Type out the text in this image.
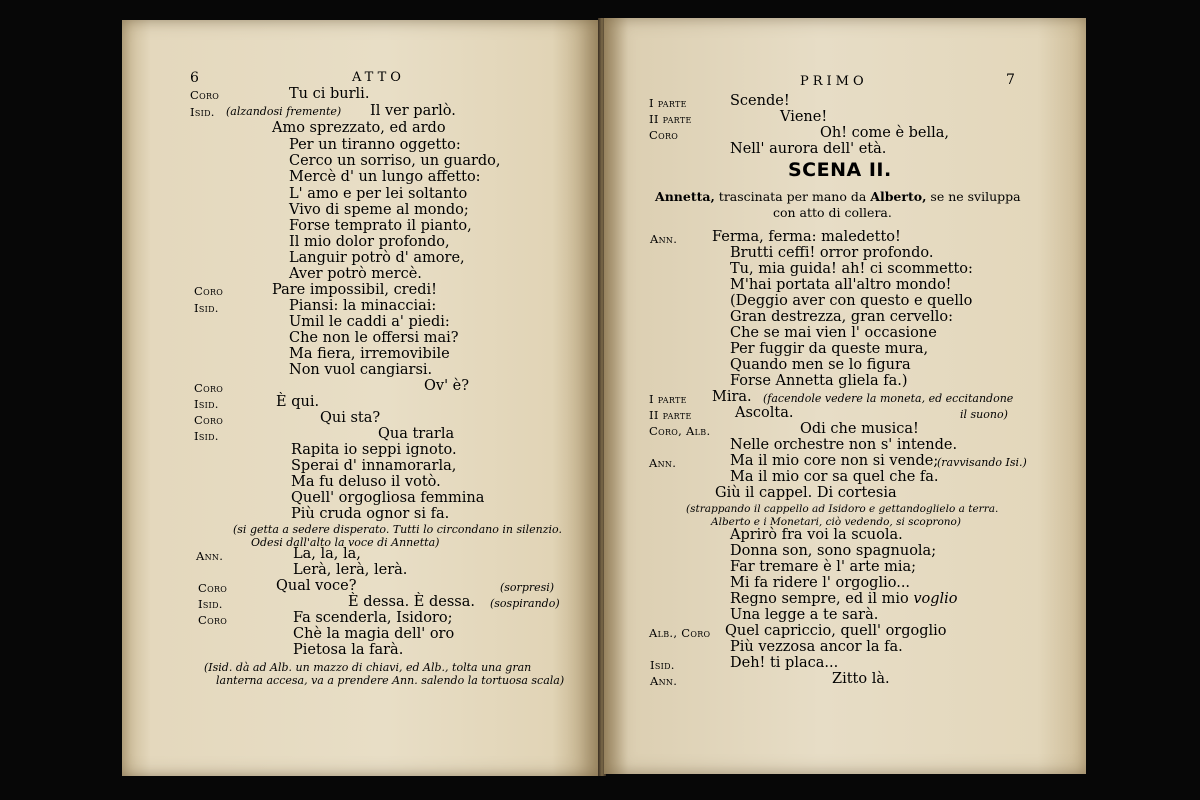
6	ATTO
Coro	Tu ci burli.
Isid. (alzandosi fremente) Il ver parlò.
Amo sprezzato, ed ardo
Per un tiranno oggetto:
Cerco un sorriso, un guardo,
Mercè d' un lungo affetto:
L' amo e per lei soltanto
Vivo di speme al mondo;
Forse temprato il pianto,
Il mio dolor profondo,
Languir potrò d' amore,
Aver potrò mercè.
Coro	Pare impossibil, credi!
Isid.	Piansi: la minacciai:
Umil le caddi a' piedi:
Che non le offersi mai?
Ma fiera, irremovibile
Non vuol cangiarsi.
Coro	Ov' è?
Isid.	È qui.
Coro	Qui sta?
Isid.	Qua trarla
Rapita io seppi ignoto.
Sperai d' innamorarla,
Ma fu deluso il votò.
Quell' orgogliosa femmina
Più cruda ognor si fa.
(si getta a sedere disperato. Tutti lo circondano in silenzio.
Odesi dall'alto la voce di Annetta)
Ann.	La, la, la,
Lerà, lerà, lerà.
Coro	Qual voce?	(sorpresi)
Isid.	È dessa. È dessa. (sospirando)
Coro	Fa scenderla, Isidoro;
Chè la magia dell' oro
Pietosa la farà.
(Isid. dà ad Alb. un mazzo di chiavi, ed Alb., tolta una gran
lanterna accesa, va a prendere Ann. salendo la tortuosa scala)
PRIMO	7
I parte	Scende!
II parte	Viene!
Coro	Oh! come è bella,
Nell' aurora dell' età.
SCENA II.
Annetta, trascinata per mano da Alberto, se ne sviluppa
con atto di collera.
Ann. Ferma, ferma: maledetto!
Brutti ceffi! orror profondo.
Tu, mia guida! ah! ci scommetto:
M'hai portata all'altro mondo!
(Deggio aver con questo e quello
Gran destrezza, gran cervello:
Che se mai vien l' occasione
Per fuggir da queste mura,
Quando men se lo figura
Forse Annetta gliela fa.)
I parte Mira. (facendole vedere la moneta, ed eccitandone
II parte	Ascolta.	il suono)
Coro, Alb.	Odi che musica!
Nelle orchestre non s' intende.
Ann.	Ma il mio core non si vende;
(ravvisando Isi.)
Ma il mio cor sa quel che fa.
Giù il cappel. Di cortesia
(strappando il cappello ad Isidoro e gettandoglielo a terra.
Alberto e i Monetari, ciò vedendo, si scoprono)
Aprirò fra voi la scuola.
Donna son, sono spagnuola;
Far tremare è l' arte mia;
Mi fa ridere l' orgoglio...
Regno sempre, ed il mio voglio
Una legge a te sarà.
Alb., Coro Quel capriccio, quell' orgoglio
Più vezzosa ancor la fa.
Isid.	Deh! ti placa...
Ann.	Zitto là.
